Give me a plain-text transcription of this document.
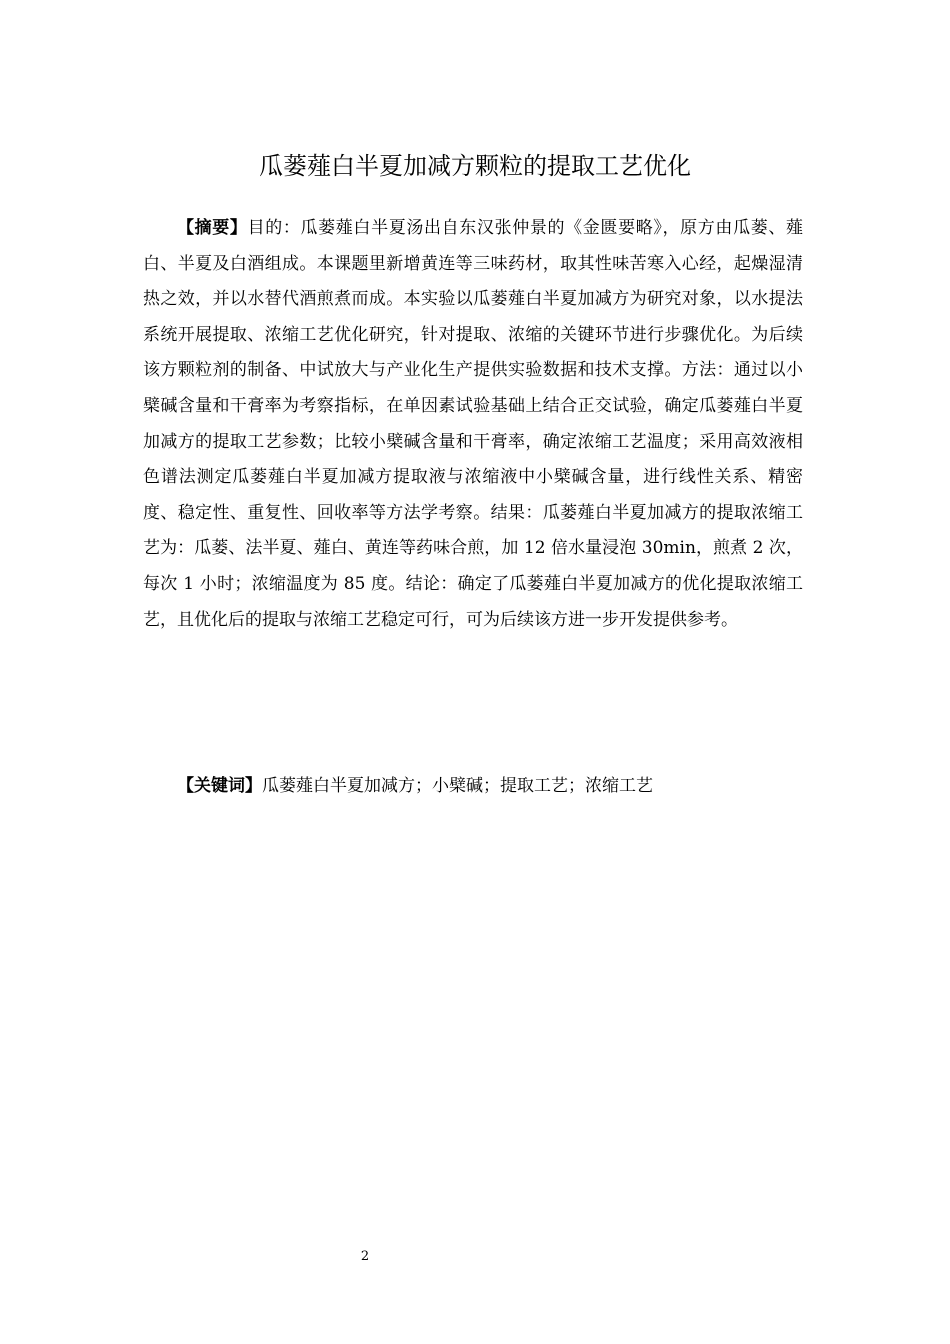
瓜蒌薤白半夏加减方颗粒的提取工艺优化

【摘要】目的：瓜蒌薤白半夏汤出自东汉张仲景的《金匮要略》，原方由瓜蒌、薤白、半夏及白酒组成。本课题里新增黄连等三味药材，取其性味苦寒入心经，起燥湿清热之效，并以水替代酒煎煮而成。本实验以瓜蒌薤白半夏加减方为研究对象，以水提法系统开展提取、浓缩工艺优化研究，针对提取、浓缩的关键环节进行步骤优化。为后续该方颗粒剂的制备、中试放大与产业化生产提供实验数据和技术支撑。方法：通过以小檗碱含量和干膏率为考察指标，在单因素试验基础上结合正交试验，确定瓜蒌薤白半夏加减方的提取工艺参数；比较小檗碱含量和干膏率，确定浓缩工艺温度；采用高效液相色谱法测定瓜蒌薤白半夏加减方提取液与浓缩液中小檗碱含量，进行线性关系、精密度、稳定性、重复性、回收率等方法学考察。结果：瓜蒌薤白半夏加减方的提取浓缩工艺为：瓜蒌、法半夏、薤白、黄连等药味合煎，加 12 倍水量浸泡 30min，煎煮 2 次，每次 1 小时；浓缩温度为 85 度。结论：确定了瓜蒌薤白半夏加减方的优化提取浓缩工艺，且优化后的提取与浓缩工艺稳定可行，可为后续该方进一步开发提供参考。

【关键词】瓜蒌薤白半夏加减方；小檗碱；提取工艺；浓缩工艺

2
